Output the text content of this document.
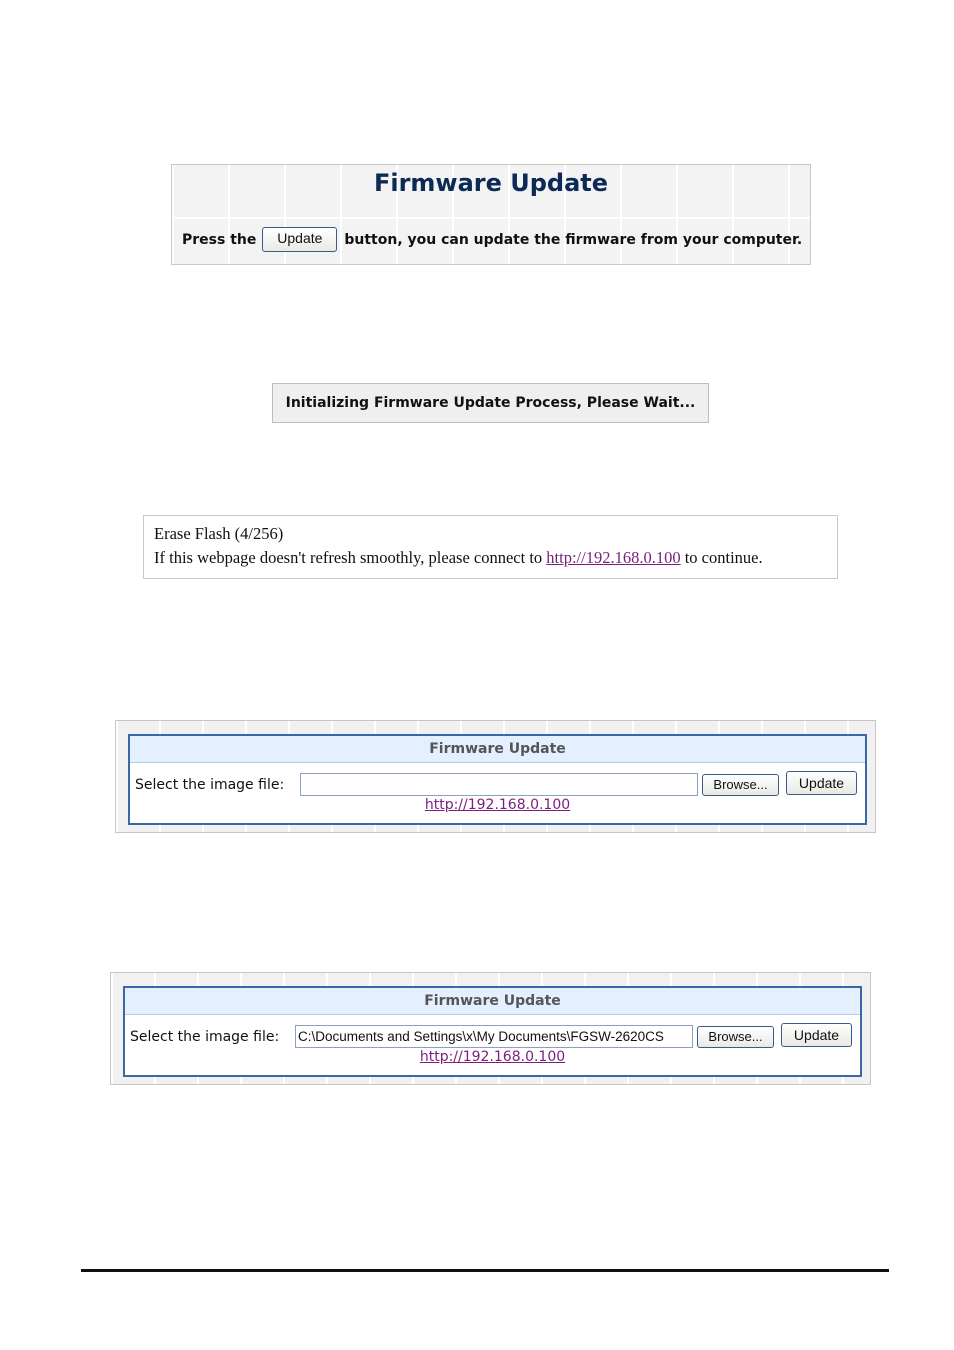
Firmware Update
Press the	Update	button, you can update the firmware from your computer.
Initializing Firmware Update Process, Please Wait...
Erase Flash (4/256)
If this webpage doesn't refresh smoothly, please connect to http://192.168.0.100 to continue.
Firmware Update
Select the image file:	Browse...	Update
http://192.168.0.100
Firmware Update
Select the image file: C:\Documents and Settings\x\My Documents\FGSW-2620CS	Browse...	Update
http://192.168.0.100
